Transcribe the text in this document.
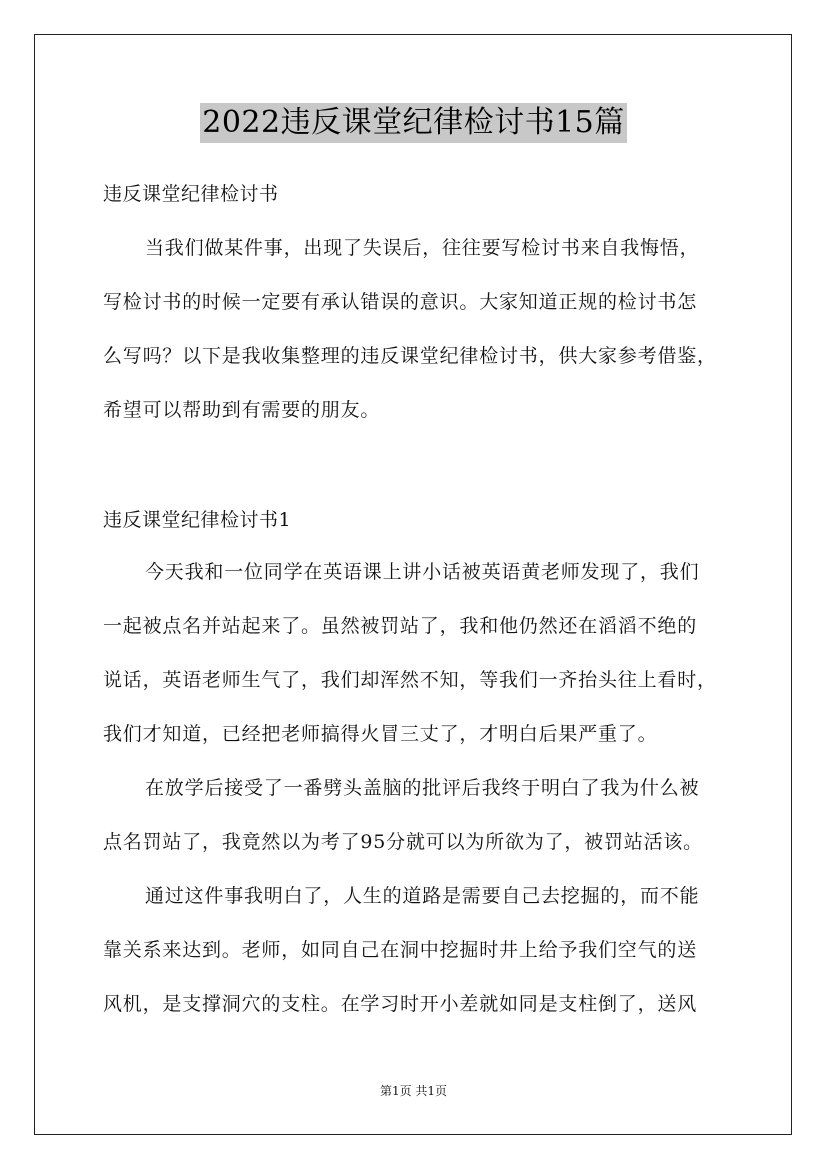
2022违反课堂纪律检讨书15篇
违反课堂纪律检讨书
当我们做某件事，出现了失误后，往往要写检讨书来自我悔悟，
写检讨书的时候一定要有承认错误的意识。大家知道正规的检讨书怎
么写吗？以下是我收集整理的违反课堂纪律检讨书，供大家参考借鉴，
希望可以帮助到有需要的朋友。
违反课堂纪律检讨书1
今天我和一位同学在英语课上讲小话被英语黄老师发现了，我们
一起被点名并站起来了。虽然被罚站了，我和他仍然还在滔滔不绝的
说话，英语老师生气了，我们却浑然不知，等我们一齐抬头往上看时，
我们才知道，已经把老师搞得火冒三丈了，才明白后果严重了。
在放学后接受了一番劈头盖脑的批评后我终于明白了我为什么被
点名罚站了，我竟然以为考了95分就可以为所欲为了，被罚站活该。
通过这件事我明白了，人生的道路是需要自己去挖掘的，而不能
靠关系来达到。老师，如同自己在洞中挖掘时井上给予我们空气的送
风机，是支撑洞穴的支柱。在学习时开小差就如同是支柱倒了，送风
第1页 共1页
